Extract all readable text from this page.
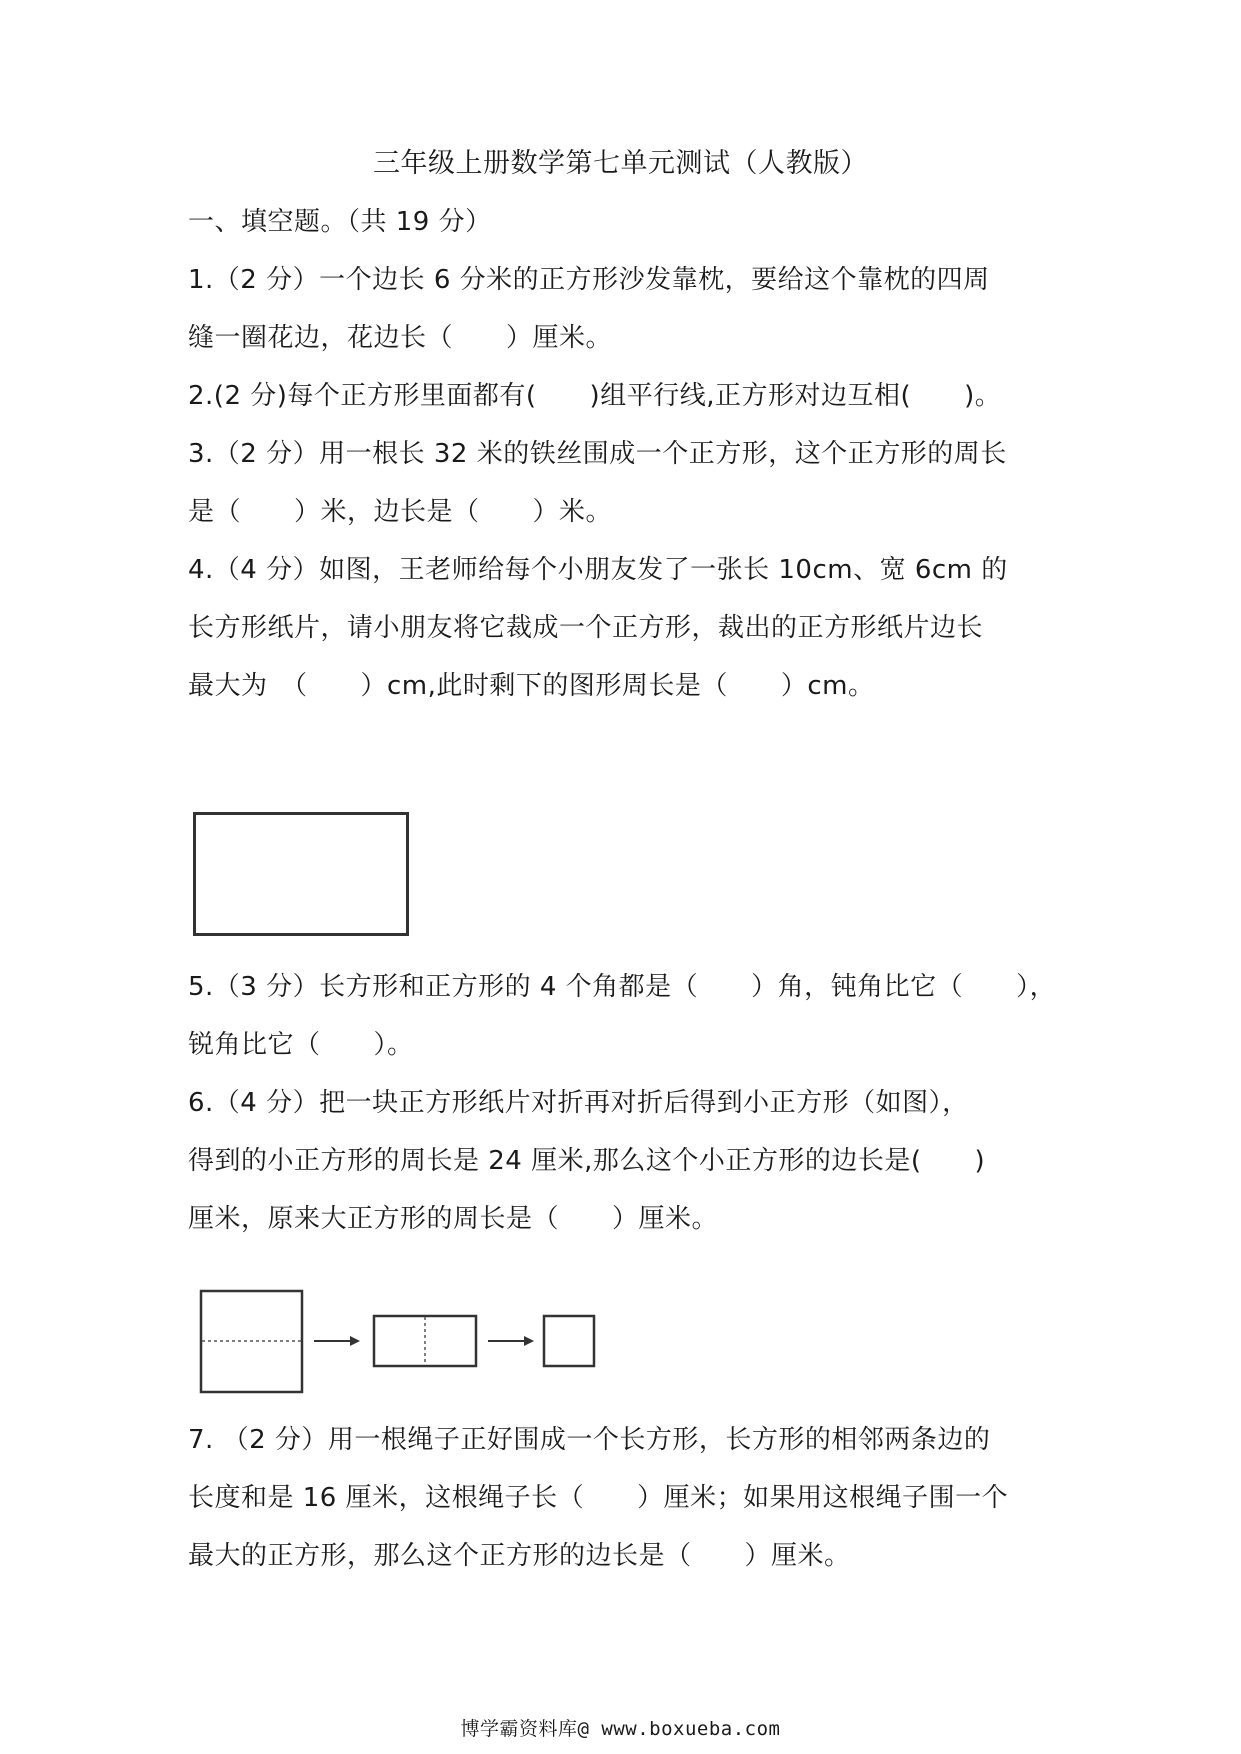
三年级上册数学第七单元测试（人教版）
一、填空题。（共 19 分）
1.（2 分）一个边长 6 分米的正方形沙发靠枕，要给这个靠枕的四周
缝一圈花边，花边长（　　）厘米。
2.(2 分)每个正方形里面都有(　　)组平行线,正方形对边互相(　　)。
3.（2 分）用一根长 32 米的铁丝围成一个正方形，这个正方形的周长
是（　　）米，边长是（　　）米。
4.（4 分）如图，王老师给每个小朋友发了一张长 10cm、宽 6cm 的
长方形纸片，请小朋友将它裁成一个正方形，裁出的正方形纸片边长
最大为　（　　）cm,此时剩下的图形周长是（　　）cm。
5.（3 分）长方形和正方形的 4 个角都是（　　）角，钝角比它（　　），
锐角比它（　　）。
6.（4 分）把一块正方形纸片对折再对折后得到小正方形（如图），
得到的小正方形的周长是 24 厘米,那么这个小正方形的边长是(　　)
厘米，原来大正方形的周长是（　　）厘米。
7. （2 分）用一根绳子正好围成一个长方形，长方形的相邻两条边的
长度和是 16 厘米，这根绳子长（　　）厘米；如果用这根绳子围一个
最大的正方形，那么这个正方形的边长是（　　）厘米。
博学霸资料库@ www.boxueba.com
